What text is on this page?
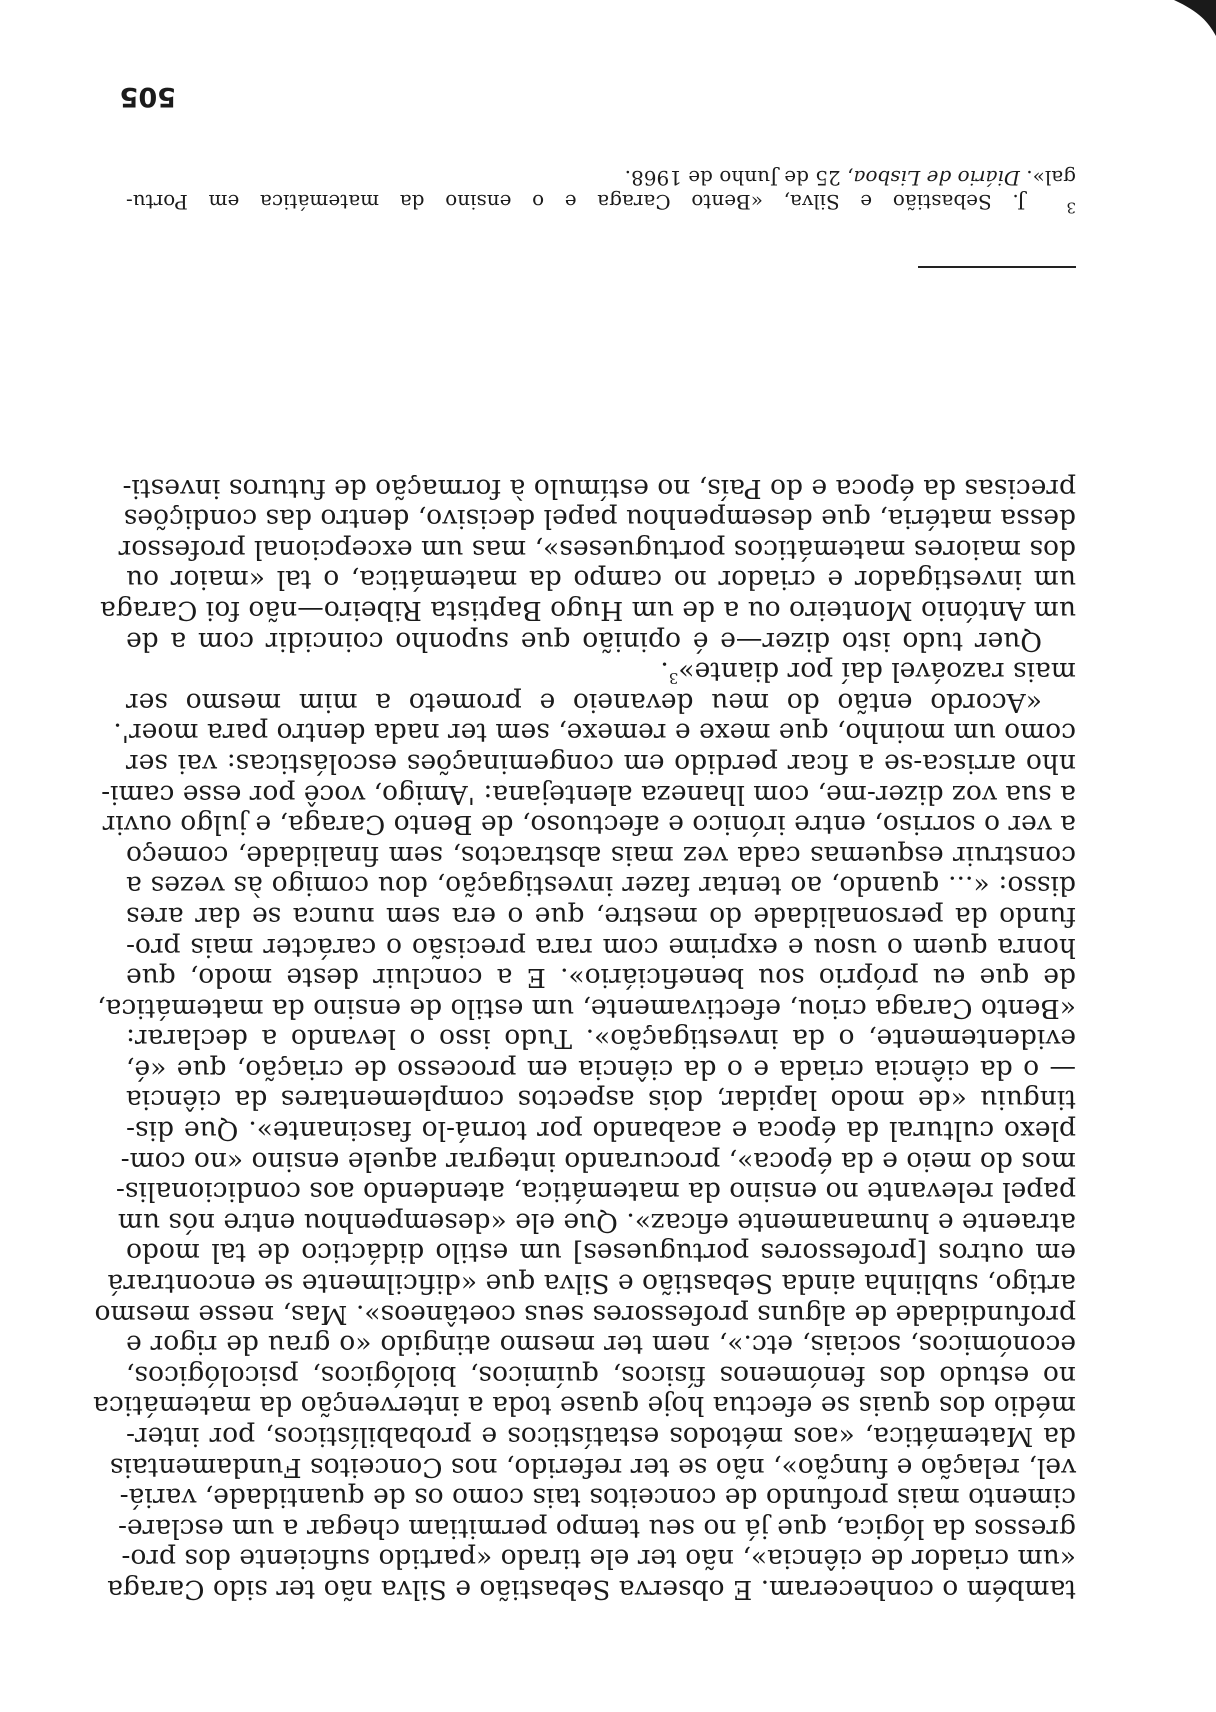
também o conheceram. E observa Sebastião e Silva não ter sido Caraga
«um criador de ciência», não ter ele tirado «partido suficiente dos pro-
gressos da lógica, que já no seu tempo permitiam chegar a um esclare-
cimento mais profundo de conceitos tais como os de quantidade, variá-
vel, relação e função», não se ter referido, nos Conceitos Fundamentais
da Matemática, «aos métodos estatísticos e probabilísticos, por inter-
médio dos quais se efectua hoje quase toda a intervenção da matemática
no estudo dos fenómenos físicos, químicos, biológicos, psicológicos,
económicos, sociais, etc.», nem ter mesmo atingido «o grau de rigor e
profundidade de alguns professores seus coetâneos». Mas, nesse mesmo
artigo, sublinha ainda Sebastião e Silva que «dificilmente se encontrará
em outros [professores portugueses] um estilo didáctico de tal modo
atraente e humanamente eficaz». Que ele «desempenhou entre nós um
papel relevante no ensino da matemática, atendendo aos condicionalis-
mos do meio e da época», procurando integrar aquele ensino «no com-
plexo cultural da época e acabando por torná-lo fascinante». Que dis-
tinguiu «de modo lapidar, dois aspectos complementares da ciência
— o da ciência criada e o da ciência em processo de criação, que «é,
evidentemente, o da investigação». Tudo isso o levando a declarar:
«Bento Caraga criou, efectivamente, um estilo de ensino da matemática,
de que eu próprio sou beneficiário». E a concluir deste modo, que
honra quem o usou e exprime com rara precisão o carácter mais pro-
fundo da personalidade do mestre, que o era sem nunca se dar ares
disso: «... quando, ao tentar fazer investigação, dou comigo às vezes a
construir esquemas cada vez mais abstractos, sem finalidade, começo
a ver o sorriso, entre irónico e afectuoso, de Bento Caraga, e julgo ouvir
a sua voz dizer-me, com lhaneza alentejana: 'Amigo, você por esse cami-
nho arrisca-se a ficar perdido em congeminações escolásticas: vai ser
como um moinho, que mexe e remexe, sem ter nada dentro para moer'.

«Acordo então do meu devaneio e prometo a mim mesmo ser
mais razoável daí por diante»$^3$.

Quer tudo isto dizer—e é opinião que suponho coincidir com a de
um António Monteiro ou a de um Hugo Baptista Ribeiro—não foi Caraga
um investigador e criador no campo da matemática, o tal «maior ou
dos maiores matemáticos portugueses», mas um excepcional professor
dessa matéria, que desempenhou papel decisivo, dentro das condições
precisas da época e do País, no estímulo à formação de futuros investi-

$^3$  J. Sebastião e Silva, «Bento Caraga e o ensino da matemática em Portu-
gal». Diário de Lisboa, 25 de Junho de 1968.
505
